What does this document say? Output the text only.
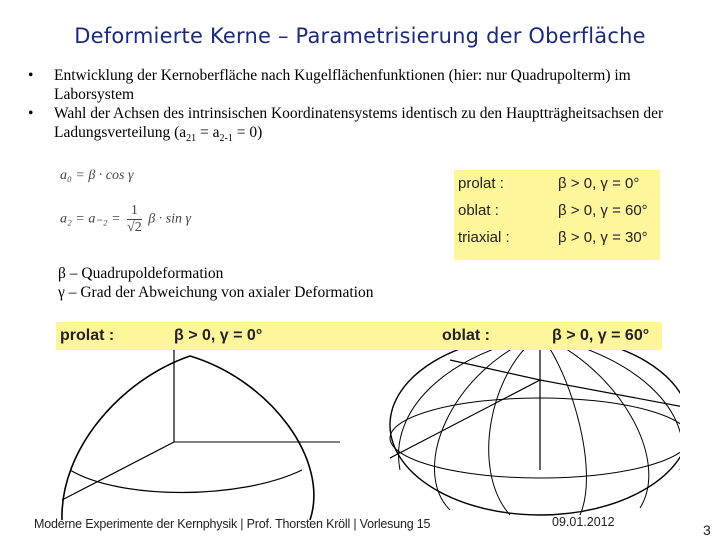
Deformierte Kerne – Parametrisierung der Oberfläche
• Entwicklung der Kernoberfläche nach Kugelflächenfunktionen (hier: nur Quadrupolterm) im Laborsystem
• Wahl der Achsen des intrinsischen Koordinatensystems identisch zu den Hauptträgheitsachsen der Ladungsverteilung $(a_{21} = a_{2-1} = 0)$
a₀ = β · cos γ
$a_2 = a_{-2} = \frac{1}{√2}$ β · sin γ
prolat :	β > 0, γ = 0°
oblat :	β > 0, γ = 60°
triaxial :	β > 0, γ = 30°
β – Quadrupoldeformation
γ – Grad der Abweichung von axialer Deformation
prolat :	β > 0, γ = 0°	oblat :	β > 0, γ = 60°
Moderne Experimente der Kernphysik | Prof. Thorsten Kröll | Vorlesung 15	09.01.2012	3
